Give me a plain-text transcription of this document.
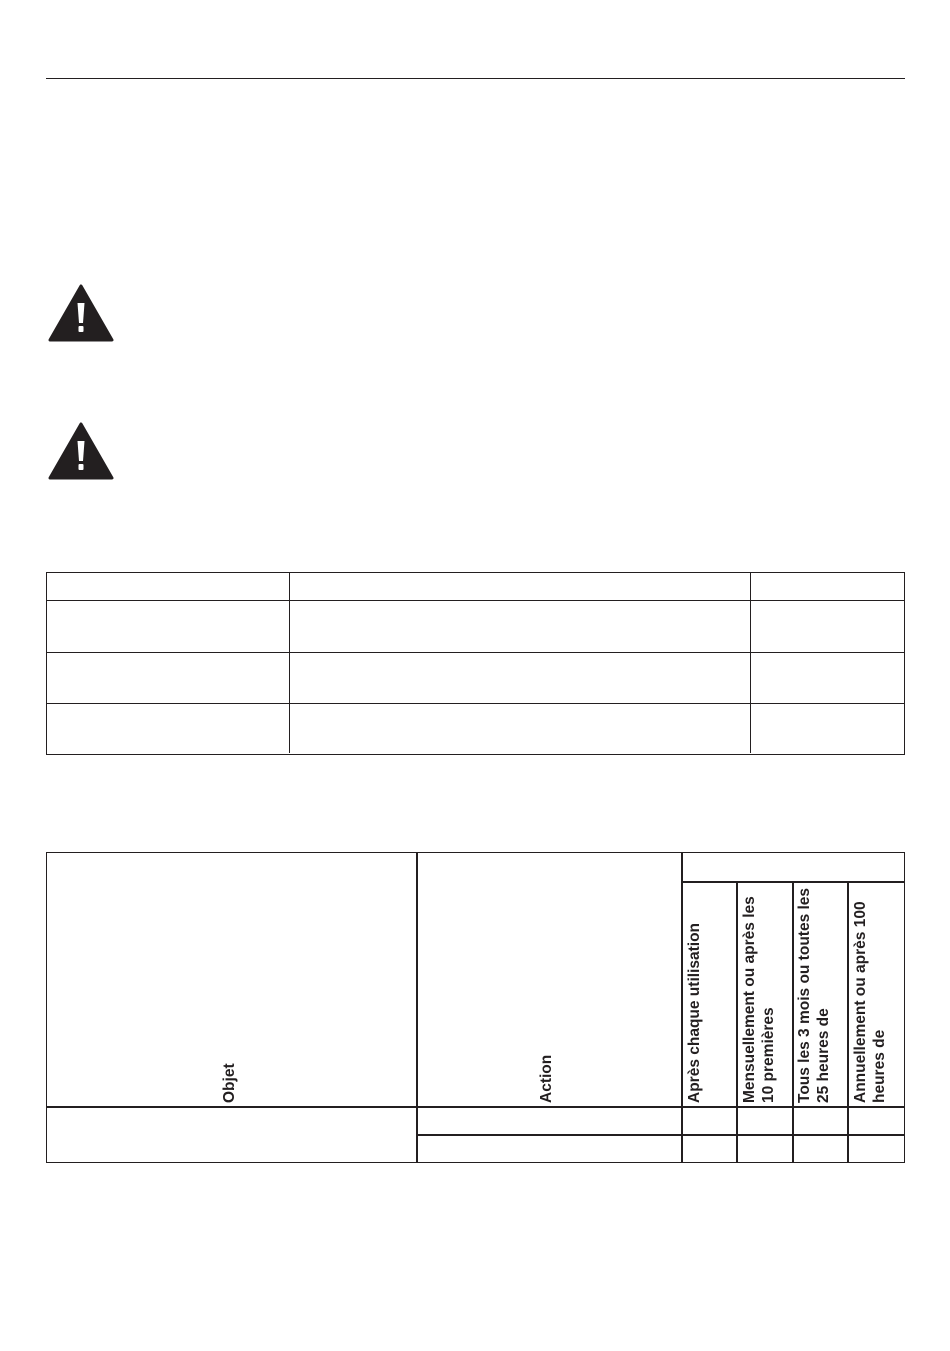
Objet	Action	Après chaque utilisation Mensuellement ou après les 10 premières Tous les 3 mois ou toutes les 25 heures de Annuellement ou après 100 heures de
